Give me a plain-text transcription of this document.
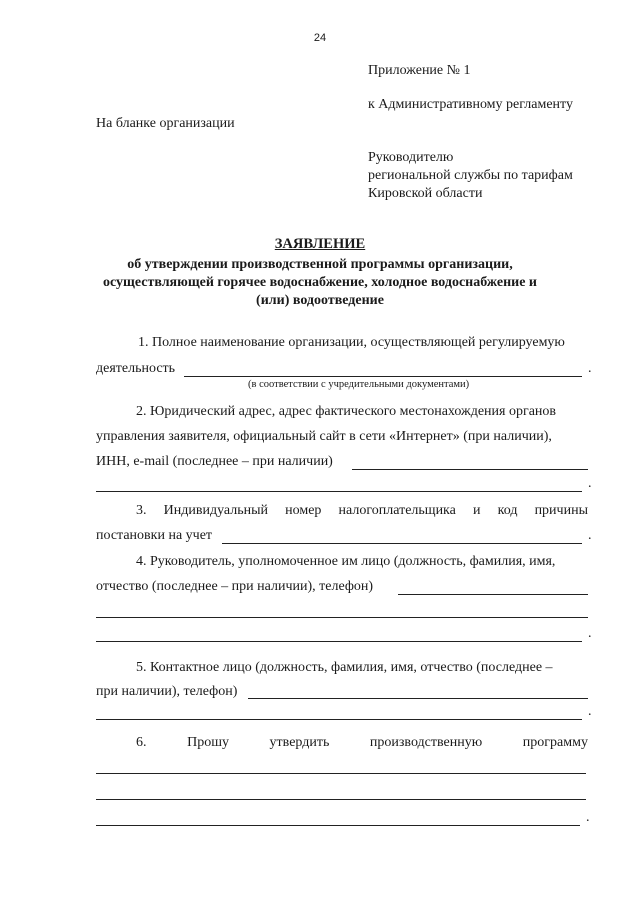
24
Приложение № 1
к Административному регламенту
На бланке организации
Руководителю
региональной службы по тарифам
Кировской области
ЗАЯВЛЕНИЕ
об утверждении производственной программы организации,
осуществляющей горячее водоснабжение, холодное водоснабжение и
(или) водоотведение
1. Полное наименование организации, осуществляющей регулируемую
деятельность	.
(в соответствии с учредительными документами)
2. Юридический адрес, адрес фактического местонахождения органов
управления заявителя, официальный сайт в сети «Интернет» (при наличии),
ИНН, e-mail (последнее – при наличии)
.
3. Индивидуальный номер налогоплательщика и код причины
постановки на учет	.
4. Руководитель, уполномоченное им лицо (должность, фамилия, имя,
отчество (последнее – при наличии), телефон)
.
5. Контактное лицо (должность, фамилия, имя, отчество (последнее –
при наличии), телефон)
.
6.	Прошу	утвердить	производственную	программу
.
